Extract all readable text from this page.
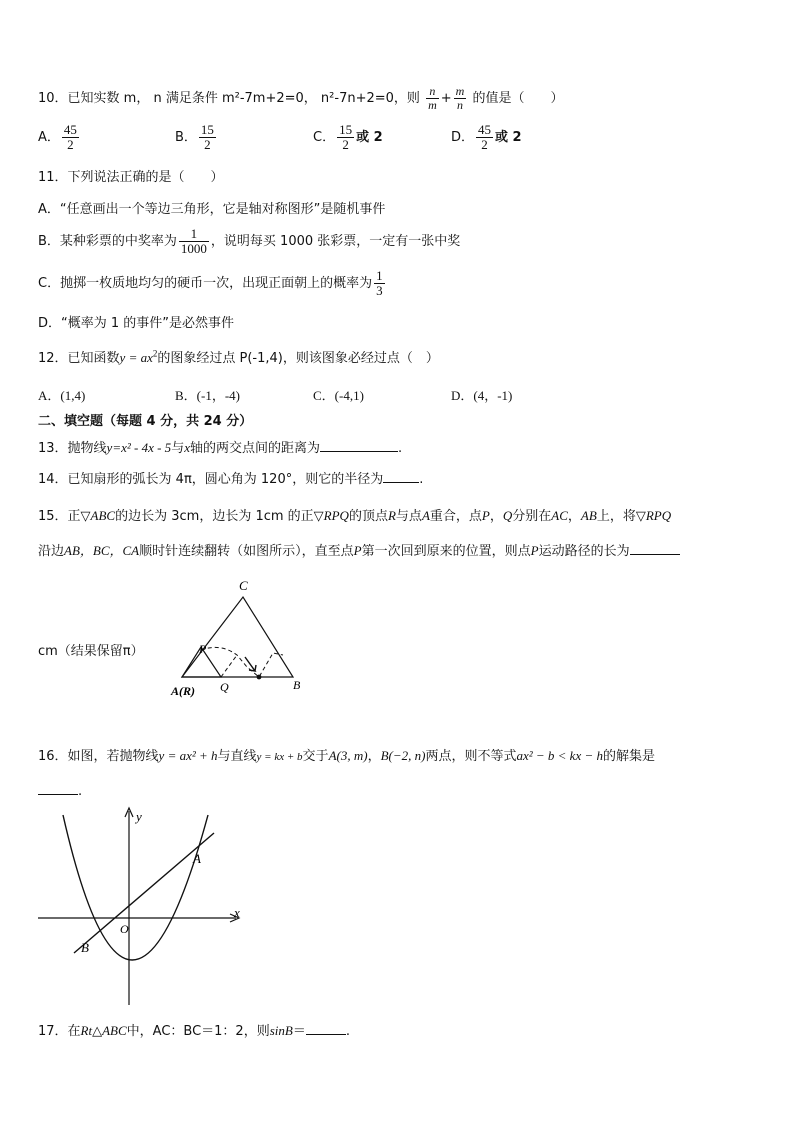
10．已知实数 m， n 满足条件 m²-7m+2=0， n²-7n+2=0，则 $\frac{n}{m} + \frac{m}{n}$ 的值是（　　）
A． $\frac{45}{2}$	B． $\frac{15}{2}$	C． $\frac{15}{2}$ 或 2	D． $\frac{45}{2}$ 或 2
11．下列说法正确的是（　　）
A．“任意画出一个等边三角形，它是轴对称图形”是随机事件
B．某种彩票的中奖率为 $\frac{1}{1000}$ ，说明每买 1000 张彩票，一定有一张中奖
C．抛掷一枚质地均匀的硬币一次，出现正面朝上的概率为 $\frac{1}{3}$
D．“概率为 1 的事件”是必然事件
12．已知函数$y = ax^2$的图象经过点 P(-1,4)，则该图象必经过点（　）
A．(1,4)	B．(-1，-4)	C．(-4,1)	D．(4，-1)
二、填空题（每题 4 分，共 24 分）
13．抛物线y=x² - 4x - 5与x轴的两交点间的距离为	.
14．已知扇形的弧长为 4π，圆心角为 120°，则它的半径为	.
15．正▽ABC的边长为 3cm，边长为 1cm 的正▽RPQ的顶点R与点A重合，点P，Q分别在AC，AB上，将▽RPQ
沿边AB，BC，CA顺时针连续翻转（如图所示），直至点P第一次回到原来的位置，则点P运动路径的长为
cm（结果保留π）
C
P
Q	B
A(R)
16．如图，若抛物线y = ax² + h与直线y = kx + b交于A(3, m)，B(−2, n)两点，则不等式ax² − b < kx − h的解集是
.
y
x
A
B
O
17．在Rt△ABC中，AC：BC＝1：2，则sinB＝	.
